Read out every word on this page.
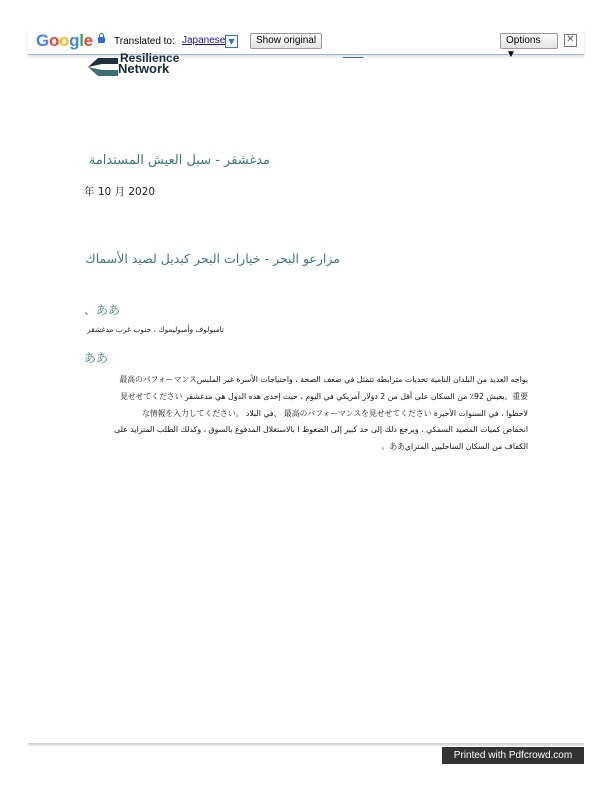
Google Translated to: Japanese ▼	Show original	Options ▼
✕
Resilience
Network
مدغشقر - سبل العيش المستدامة
年 10 月 2020
مزارعو البحر - خيارات البحر كبديل لصيد الأسماك
、ああ
تامبولوف وأمبوليموك ، جنوب غرب مدغشقر
ああ
يواجه العديد من البلدان النامية تحديات مترابطة تتمثل في ضعف الصحة ، واحتياجات الأسرة غير الملبس最高のパフォーマンス
重要。يعيش 92٪ من السكان على أقل من 2 دولار أمريكي في اليوم ، حيث إحدى هذه الدول هي مدغشقر 見せせてください
لاحظوا ، في السنوات الأخيرة 最高のパフォーマンスを見せせてください 、في البلاد 。な情報を入力してください
انخفاض كميات المصيد السمكي ، ويرجع ذلك إلى حد كبير إلى الضغوط ا بالاستغلال المدفوع بالسوق ، وكذلك الطلب المتزايد على
الكفاف من السكان الساحليين المتزايああ。
Printed with Pdfcrowd.com
